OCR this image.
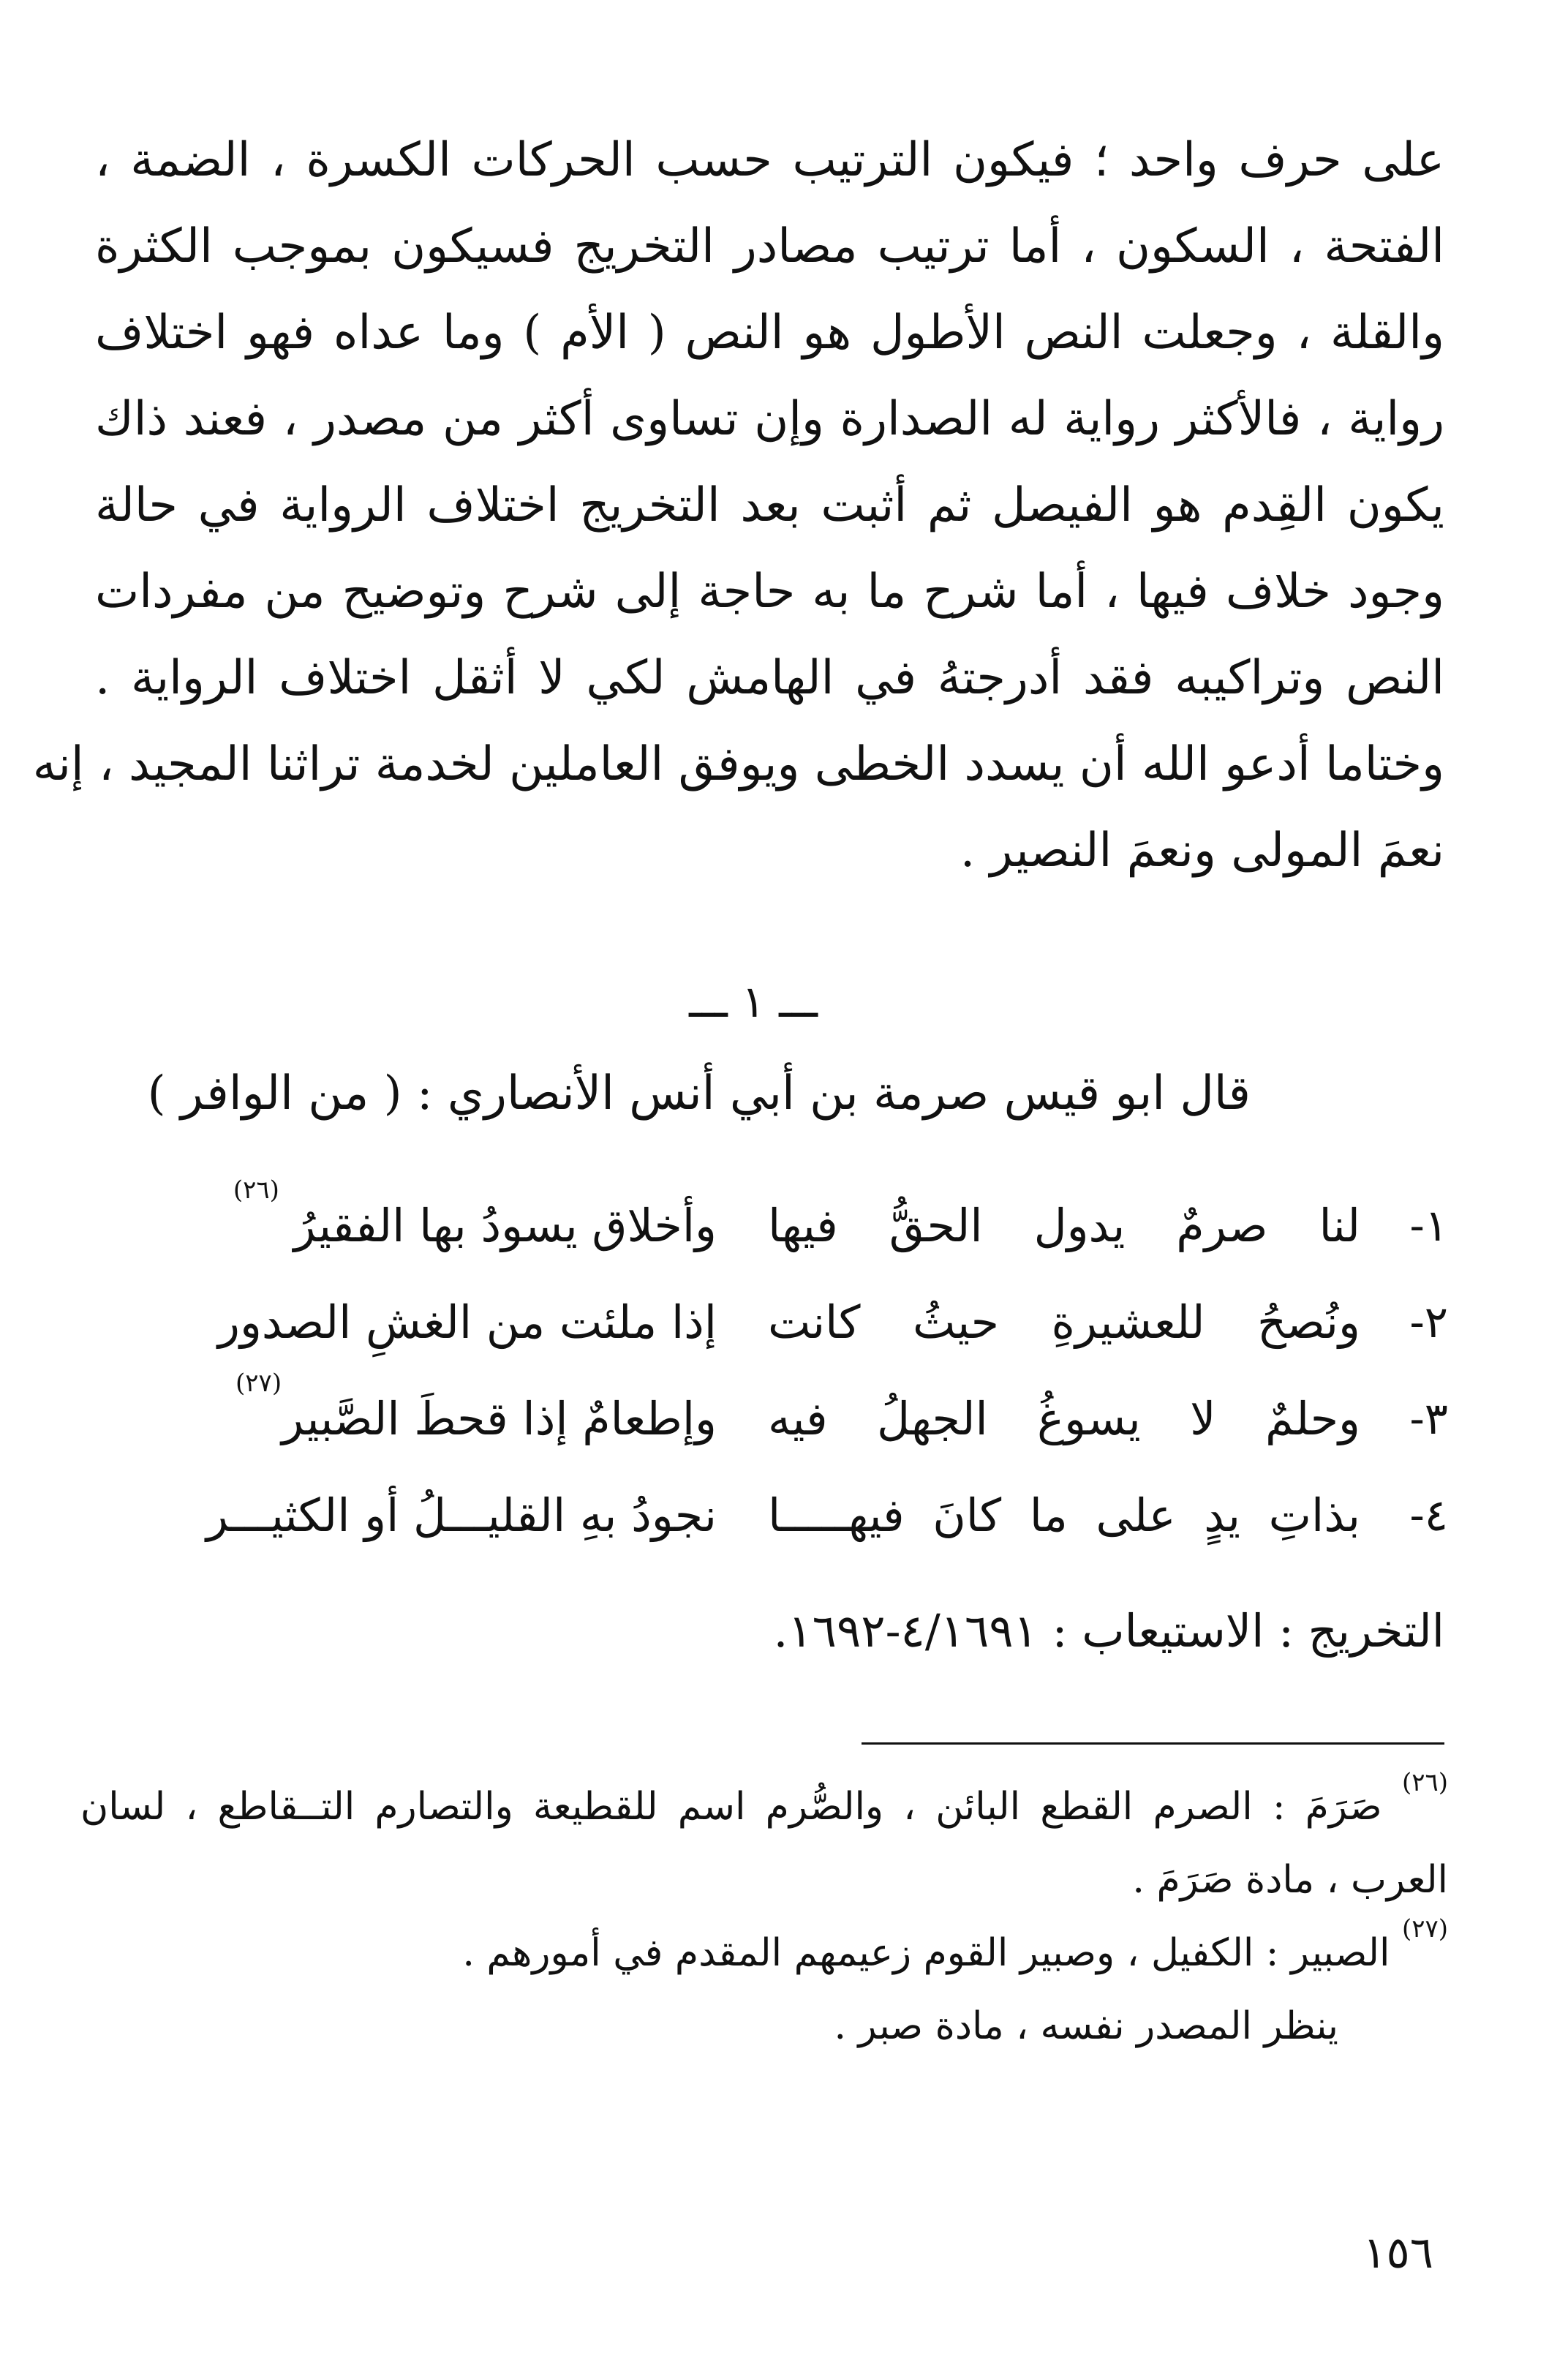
على حرف واحد ؛ فيكون الترتيب حسب الحركات الكسرة ، الضمة ،
الفتحة ، السكون ، أما ترتيب مصادر التخريج فسيكون بموجب الكثرة
والقلة ، وجعلت النص الأطول هو النص ( الأم ) وما عداه فهو اختلاف
رواية ، فالأكثر رواية له الصدارة وإن تساوى أكثر من مصدر ، فعند ذاك
يكون القِدم هو الفيصل ثم أثبت بعد التخريج اختلاف الرواية في حالة
وجود خلاف فيها ، أما شرح ما به حاجة إلى شرح وتوضيح من مفردات
النص وتراكيبه فقد أدرجتهُ في الهامش لكي لا أثقل اختلاف الرواية .
وختاما أدعو الله أن يسدد الخطى ويوفق العاملين لخدمة تراثنا المجيد ، إنه
نعمَ المولى ونعمَ النصير .
ـــ ١ ـــ
قال ابو قيس صرمة بن أبي أنس الأنصاري : ( من الوافر )
١-
لنا صرمٌ يدول الحقُّ فيها
وأخلاق يسودُ بها الفقيرُ $^{(٢٦)}$
٢-
ونُصحُ للعشيرةِ حيثُ كانت
إذا ملئت من الغشِ الصدور
٣-
وحلمٌ لا يسوغُ الجهلُ فيه
وإطعامٌ إذا قحطَ الصَّبير$^{(٢٧)}$
٤-
بذاتِ يدٍ على ما كانَ فيهـــــا
نجودُ بهِ القليـــلُ أو الكثيـــر
التخريج : الاستيعاب : ٤/١٦٩١-١٦٩٢.
$^{(٢٦)}$ صَرَمَ : الصرم القطع البائن ، والصُّرم اسم للقطيعة والتصارم التــقاطع ، لسان
العرب ، مادة صَرَمَ .
$^{(٢٧)}$ الصبير : الكفيل ، وصبير القوم زعيمهم المقدم في أمورهم .
ينظر المصدر نفسه ، مادة صبر .
١٥٦
